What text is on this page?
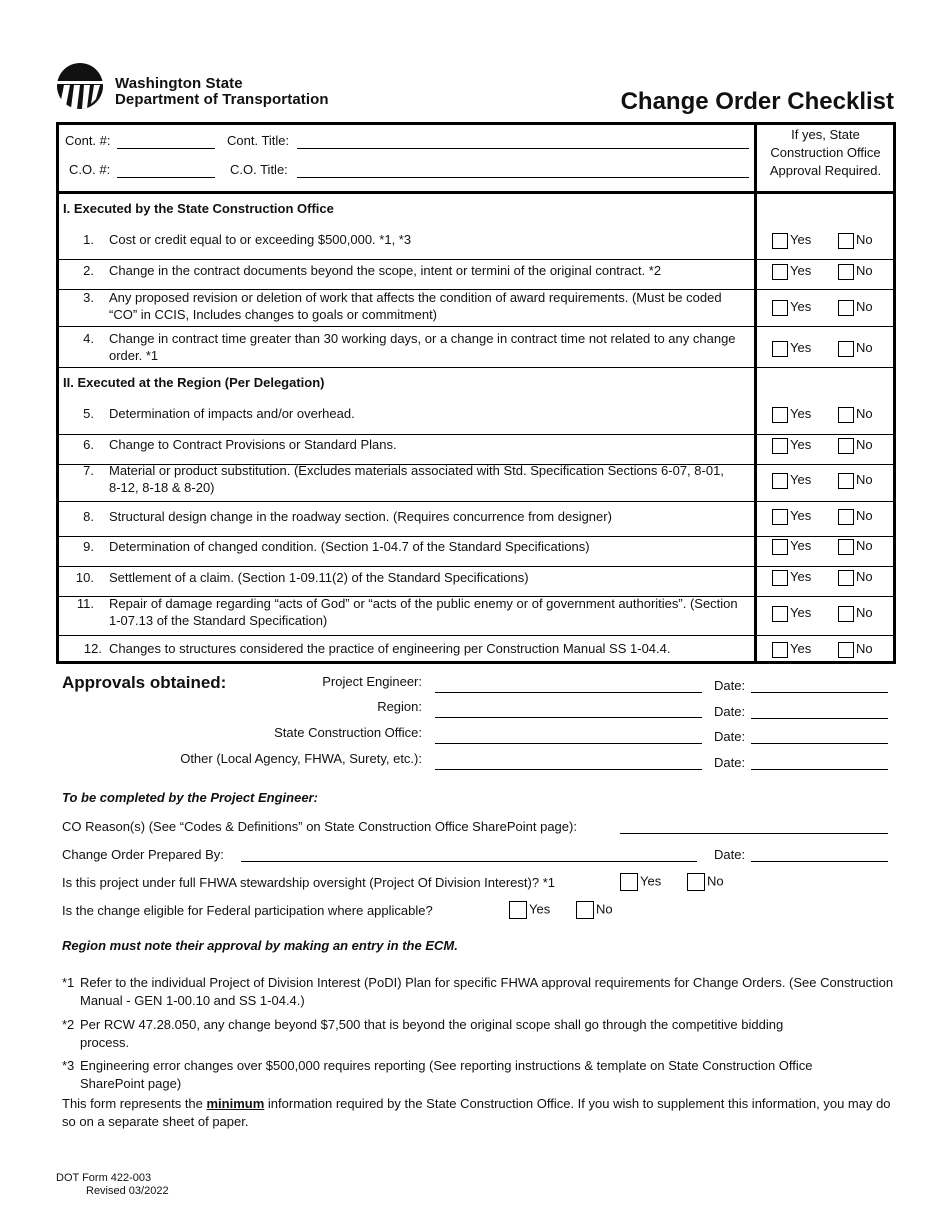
Washington State
Department of Transportation	Change Order Checklist
Cont. #:	Cont. Title:
C.O. #:	C.O. Title:
If yes, State Construction Office Approval Required.
I. Executed by the State Construction Office
1. Cost or credit equal to or exceeding $500,000. *1, *3	Yes	No
2. Change in the contract documents beyond the scope, intent or termini of the original contract. *2	Yes	No
3. Any proposed revision or deletion of work that affects the condition of award requirements. (Must be coded “CO” in CCIS, Includes changes to goals or commitment)
Yes	No
4. Change in contract time greater than 30 working days, or a change in contract time not related to any change order. *1
Yes	No
II. Executed at the Region (Per Delegation)
5. Determination of impacts and/or overhead.	Yes	No
6. Change to Contract Provisions or Standard Plans.	Yes	No
7. Material or product substitution. (Excludes materials associated with Std. Specification Sections 6-07, 8-01, 8-12, 8-18 & 8-20)
Yes	No
8. Structural design change in the roadway section. (Requires concurrence from designer)	Yes	No
9. Determination of changed condition. (Section 1-04.7 of the Standard Specifications)	Yes	No
10. Settlement of a claim. (Section 1-09.11(2) of the Standard Specifications)	Yes	No
11. Repair of damage regarding “acts of God” or “acts of the public enemy or of government authorities”. (Section 1-07.13 of the Standard Specification)
Yes	No
12. Changes to structures considered the practice of engineering per Construction Manual SS 1-04.4.	Yes	No
Approvals obtained:	Project Engineer:	Date:
Region:	Date:
State Construction Office:	Date:
Other (Local Agency, FHWA, Surety, etc.):	Date:
To be completed by the Project Engineer:
CO Reason(s) (See “Codes & Definitions” on State Construction Office SharePoint page):
Change Order Prepared By:	Date:
Is this project under full FHWA stewardship oversight (Project Of Division Interest)? *1	Yes	No
Is the change eligible for Federal participation where applicable?	Yes	No
Region must note their approval by making an entry in the ECM.
*1 Refer to the individual Project of Division Interest (PoDI) Plan for specific FHWA approval requirements for Change Orders. (See Construction Manual - GEN 1-00.10 and SS 1-04.4.)
*2 Per RCW 47.28.050, any change beyond $7,500 that is beyond the original scope shall go through the competitive bidding process.
*3 Engineering error changes over $500,000 requires reporting (See reporting instructions & template on State Construction Office SharePoint page)
This form represents the minimum information required by the State Construction Office. If you wish to supplement this information, you may do so on a separate sheet of paper.
DOT Form 422-003
Revised 03/2022
